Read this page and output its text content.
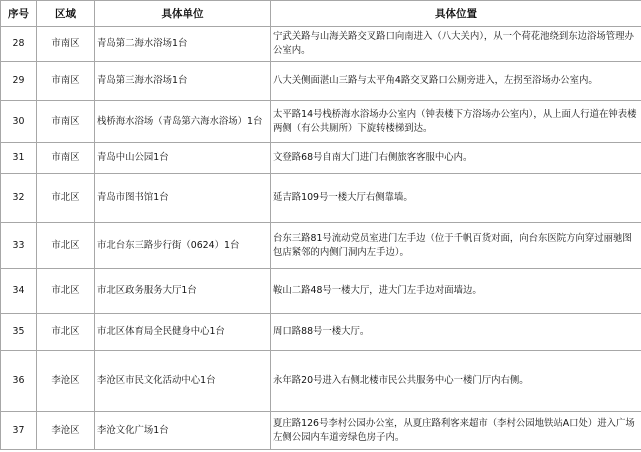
序号	区域	具体单位	具体位置
28	市南区	青岛第二海水浴场1台	宁武关路与山海关路交叉路口向南进入（八大关内），从一个荷花池绕到东边浴场管理办公室内。
29	市南区	青岛第三海水浴场1台	八大关侧面湛山三路与太平角4路交叉路口公厕旁进入，左拐至浴场办公室内。
30	市南区	栈桥海水浴场（青岛第六海水浴场）1台	太平路14号栈桥海水浴场办公室内（钟表楼下方浴场办公室内），从上面人行道在钟表楼两侧（有公共厕所）下旋转楼梯到达。
31	市南区	青岛中山公园1台	文登路68号自南大门进门右侧旅客客服中心内。
32	市北区	青岛市图书馆1台	延吉路109号一楼大厅右侧靠墙。
33	市北区	市北台东三路步行街（0624）1台	台东三路81号流动党员室进门左手边（位于千帆百货对面，向台东医院方向穿过丽驰图包店紧邻的内侧门洞内左手边）。
34	市北区	市北区政务服务大厅1台	鞍山二路48号一楼大厅，进大门左手边对面墙边。
35	市北区	市北区体育局全民健身中心1台	周口路88号一楼大厅。
36	李沧区	李沧区市民文化活动中心1台	永年路20号进入右侧北楼市民公共服务中心一楼门厅内右侧。
37	李沧区	李沧文化广场1台	夏庄路126号李村公园办公室，从夏庄路利客来超市（李村公园地铁站A口处）进入广场左侧公园内车道旁绿色房子内。
